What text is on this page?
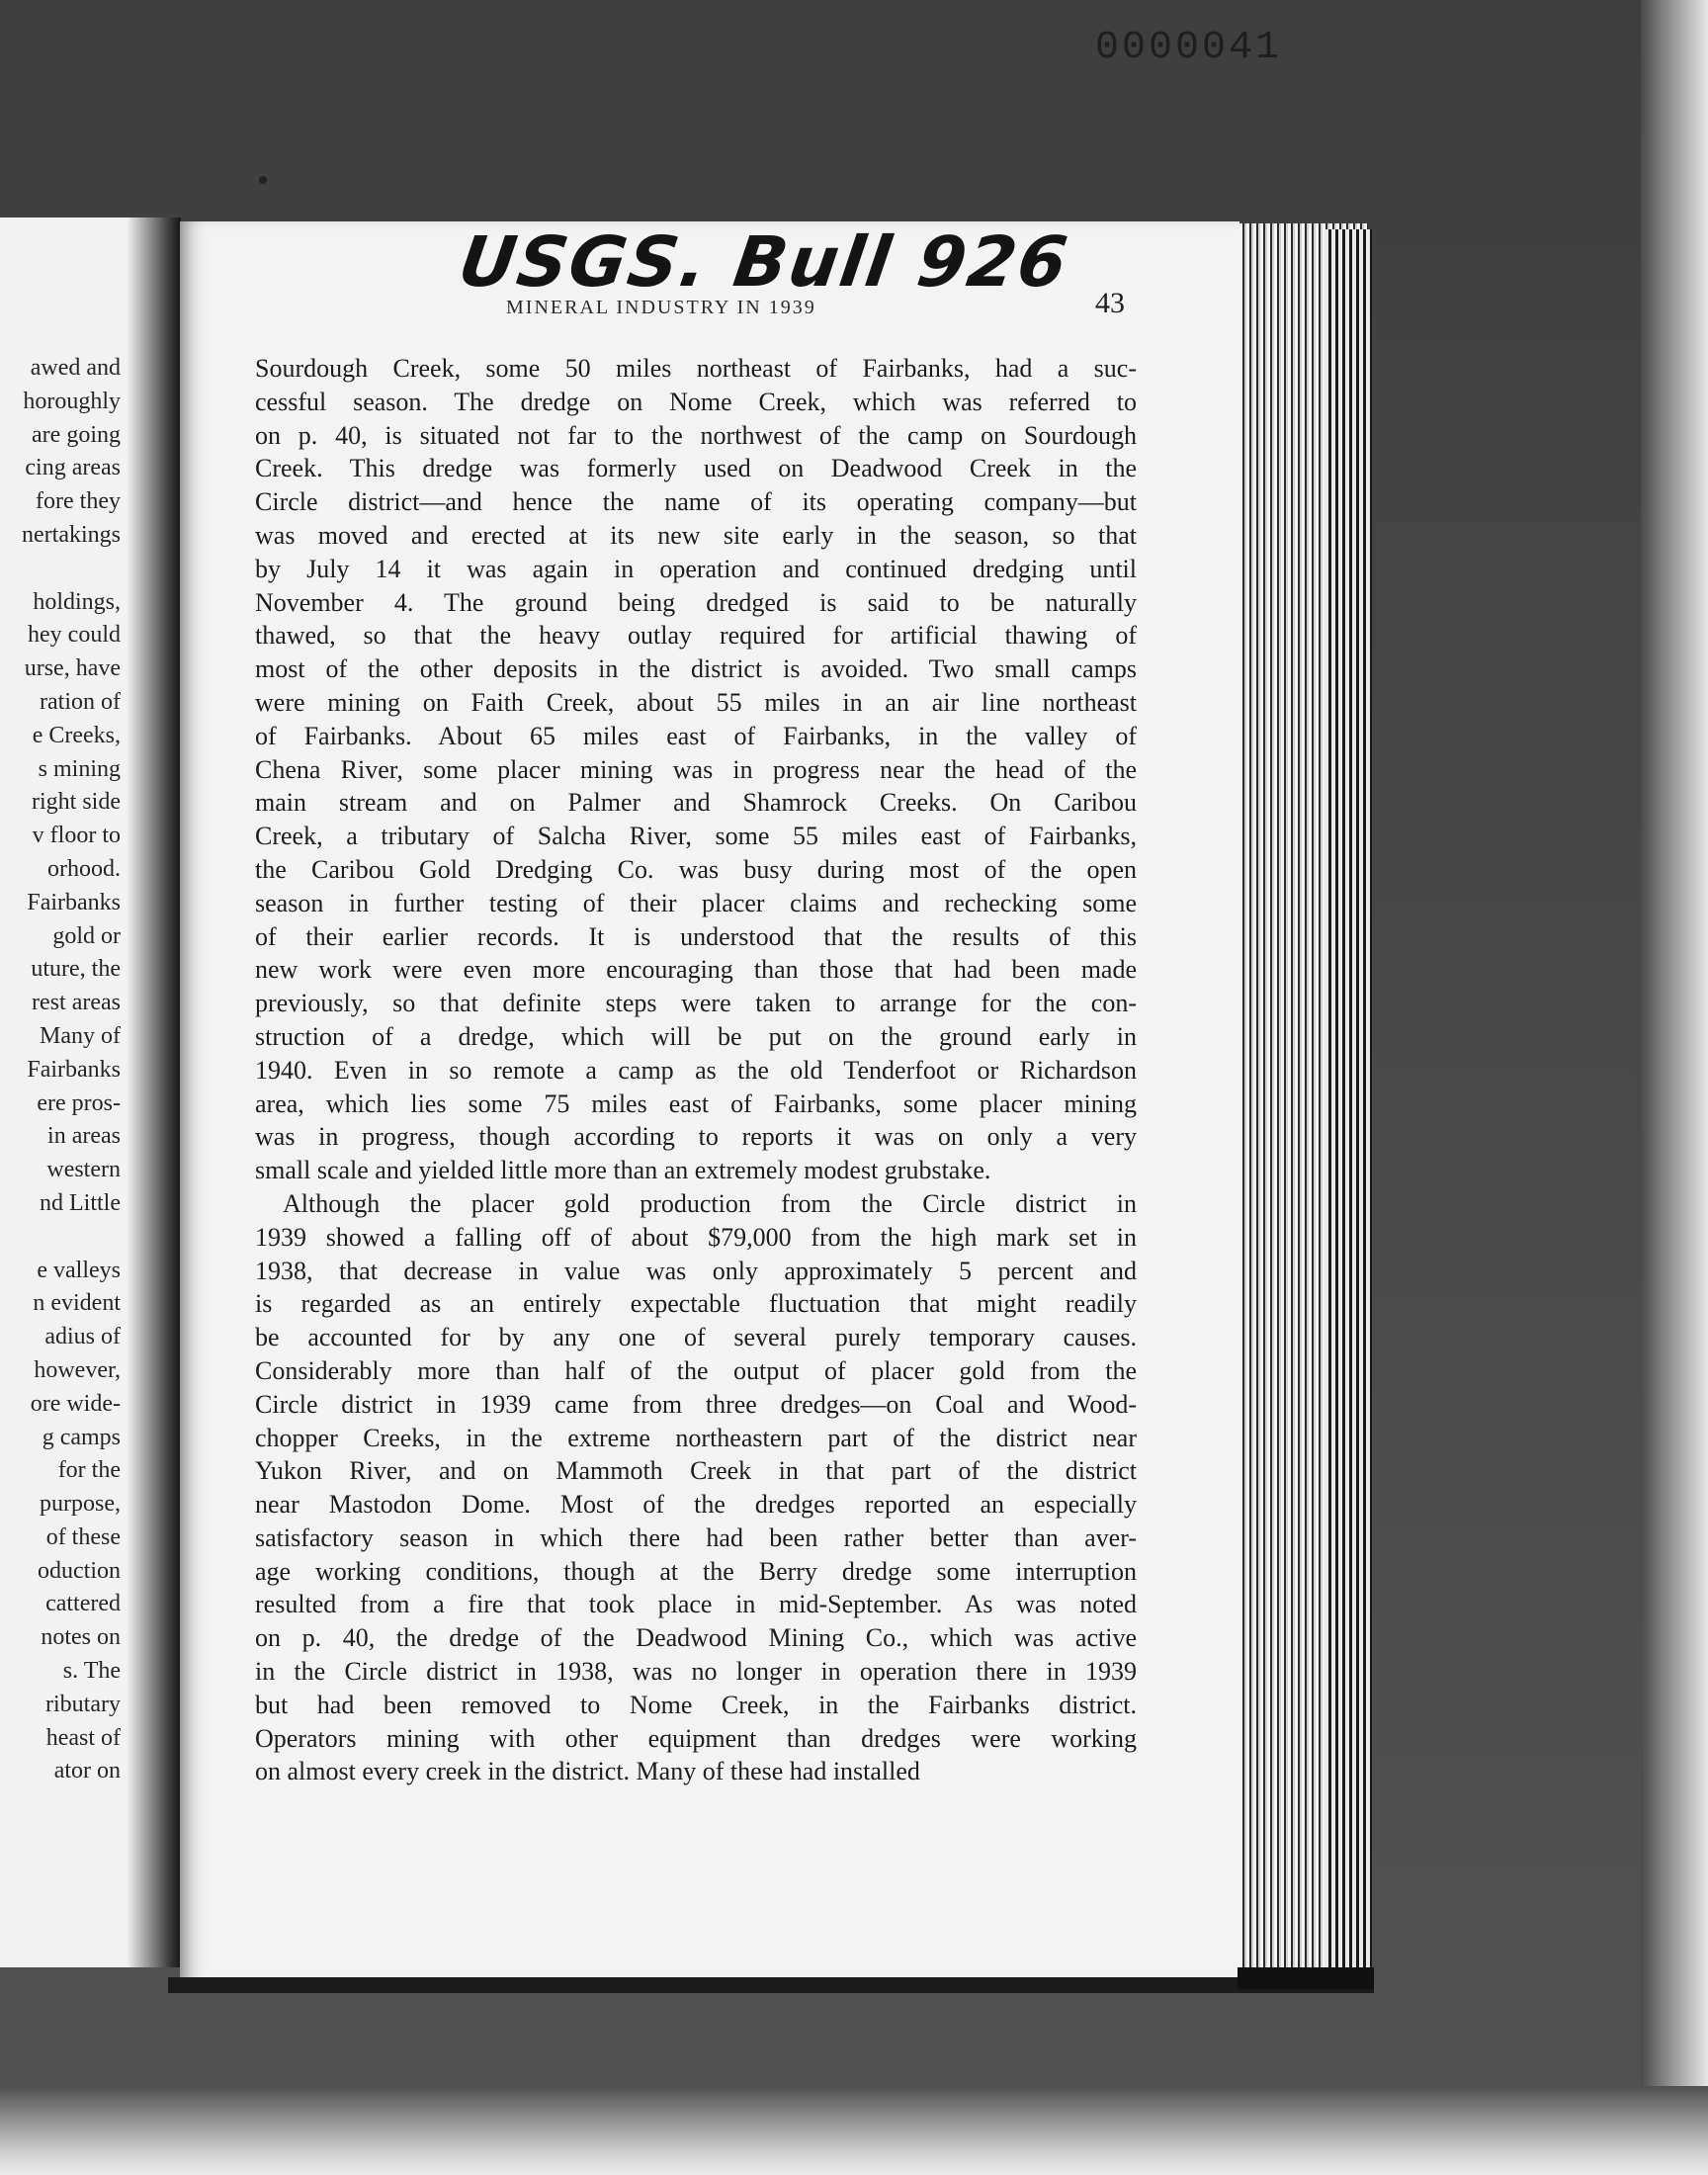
0000041
awed and
horoughly
are going
cing areas
fore they
nertakings
holdings,
hey could
urse, have
ration of
e Creeks,
s mining
right side
v floor to
orhood.
Fairbanks
gold or
uture, the
rest areas
Many of
Fairbanks
ere pros-
in areas
western
nd Little
e valleys
n evident
adius of
however,
ore wide-
g camps
for the
purpose,
of these
oduction
cattered
notes on
s. The
ributary
heast of
ator on
USGS. Bull 926
MINERAL INDUSTRY IN 1939	43
Sourdough Creek, some 50 miles northeast of Fairbanks, had a suc-
cessful season. The dredge on Nome Creek, which was referred to
on p. 40, is situated not far to the northwest of the camp on Sourdough
Creek. This dredge was formerly used on Deadwood Creek in the
Circle district—and hence the name of its operating company—but
was moved and erected at its new site early in the season, so that
by July 14 it was again in operation and continued dredging until
November 4. The ground being dredged is said to be naturally
thawed, so that the heavy outlay required for artificial thawing of
most of the other deposits in the district is avoided. Two small camps
were mining on Faith Creek, about 55 miles in an air line northeast
of Fairbanks. About 65 miles east of Fairbanks, in the valley of
Chena River, some placer mining was in progress near the head of the
main stream and on Palmer and Shamrock Creeks. On Caribou
Creek, a tributary of Salcha River, some 55 miles east of Fairbanks,
the Caribou Gold Dredging Co. was busy during most of the open
season in further testing of their placer claims and rechecking some
of their earlier records. It is understood that the results of this
new work were even more encouraging than those that had been made
previously, so that definite steps were taken to arrange for the con-
struction of a dredge, which will be put on the ground early in
1940. Even in so remote a camp as the old Tenderfoot or Richardson
area, which lies some 75 miles east of Fairbanks, some placer mining
was in progress, though according to reports it was on only a very
small scale and yielded little more than an extremely modest grubstake.
Although the placer gold production from the Circle district in
1939 showed a falling off of about $79,000 from the high mark set in
1938, that decrease in value was only approximately 5 percent and
is regarded as an entirely expectable fluctuation that might readily
be accounted for by any one of several purely temporary causes.
Considerably more than half of the output of placer gold from the
Circle district in 1939 came from three dredges—on Coal and Wood-
chopper Creeks, in the extreme northeastern part of the district near
Yukon River, and on Mammoth Creek in that part of the district
near Mastodon Dome. Most of the dredges reported an especially
satisfactory season in which there had been rather better than aver-
age working conditions, though at the Berry dredge some interruption
resulted from a fire that took place in mid-September. As was noted
on p. 40, the dredge of the Deadwood Mining Co., which was active
in the Circle district in 1938, was no longer in operation there in 1939
but had been removed to Nome Creek, in the Fairbanks district.
Operators mining with other equipment than dredges were working
on almost every creek in the district. Many of these had installed
